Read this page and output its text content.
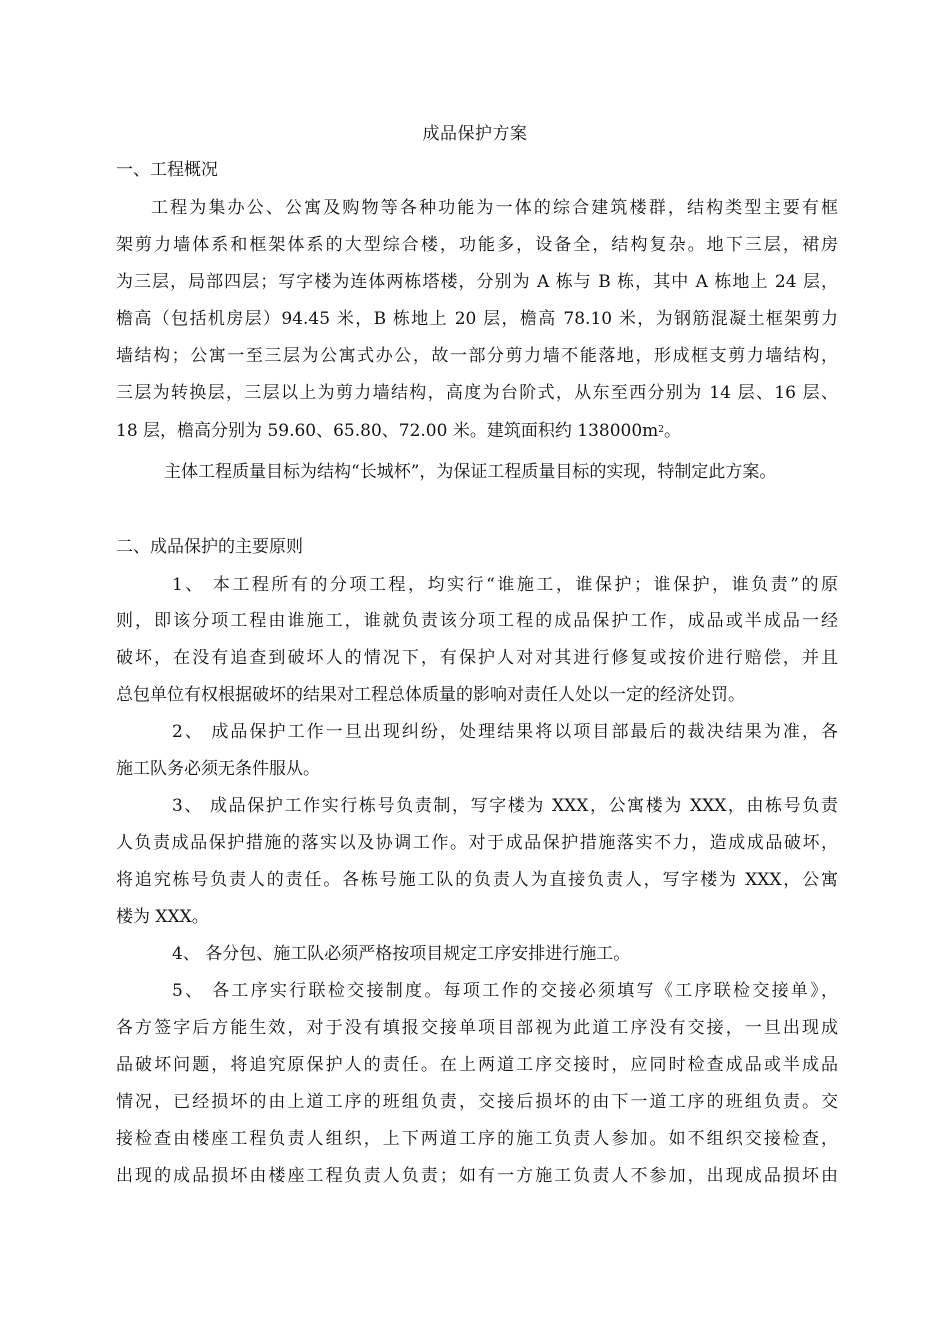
成品保护方案
一、工程概况
工程为集办公、公寓及购物等各种功能为一体的综合建筑楼群，结构类型主要有框
架剪力墙体系和框架体系的大型综合楼，功能多，设备全，结构复杂。地下三层，裙房
为三层，局部四层；写字楼为连体两栋塔楼，分别为 A 栋与 B 栋，其中 A 栋地上 24 层，
檐高（包括机房层）94.45 米，B 栋地上 20 层，檐高 78.10 米，为钢筋混凝土框架剪力
墙结构；公寓一至三层为公寓式办公，故一部分剪力墙不能落地，形成框支剪力墙结构，
三层为转换层，三层以上为剪力墙结构，高度为台阶式，从东至西分别为 14 层、16 层、
18 层，檐高分别为 59.60、65.80、72.00 米。建筑面积约 $138000m_2$。
主体工程质量目标为结构“长城杯”，为保证工程质量目标的实现，特制定此方案。
二、成品保护的主要原则
1、 本工程所有的分项工程，均实行“谁施工，谁保护；谁保护，谁负责”的原
则，即该分项工程由谁施工，谁就负责该分项工程的成品保护工作，成品或半成品一经
破坏，在没有追查到破坏人的情况下，有保护人对对其进行修复或按价进行赔偿，并且
总包单位有权根据破坏的结果对工程总体质量的影响对责任人处以一定的经济处罚。
2、 成品保护工作一旦出现纠纷，处理结果将以项目部最后的裁决结果为准，各
施工队务必须无条件服从。
3、 成品保护工作实行栋号负责制，写字楼为 XXX，公寓楼为 XXX，由栋号负责
人负责成品保护措施的落实以及协调工作。对于成品保护措施落实不力，造成成品破坏，
将追究栋号负责人的责任。各栋号施工队的负责人为直接负责人，写字楼为 XXX，公寓
楼为 XXX。
4、 各分包、施工队必须严格按项目规定工序安排进行施工。
5、 各工序实行联检交接制度。每项工作的交接必须填写《工序联检交接单》，
各方签字后方能生效，对于没有填报交接单项目部视为此道工序没有交接，一旦出现成
品破坏问题，将追究原保护人的责任。在上两道工序交接时，应同时检查成品或半成品
情况，已经损坏的由上道工序的班组负责，交接后损坏的由下一道工序的班组负责。交
接检查由楼座工程负责人组织，上下两道工序的施工负责人参加。如不组织交接检查，
出现的成品损坏由楼座工程负责人负责；如有一方施工负责人不参加，出现成品损坏由
